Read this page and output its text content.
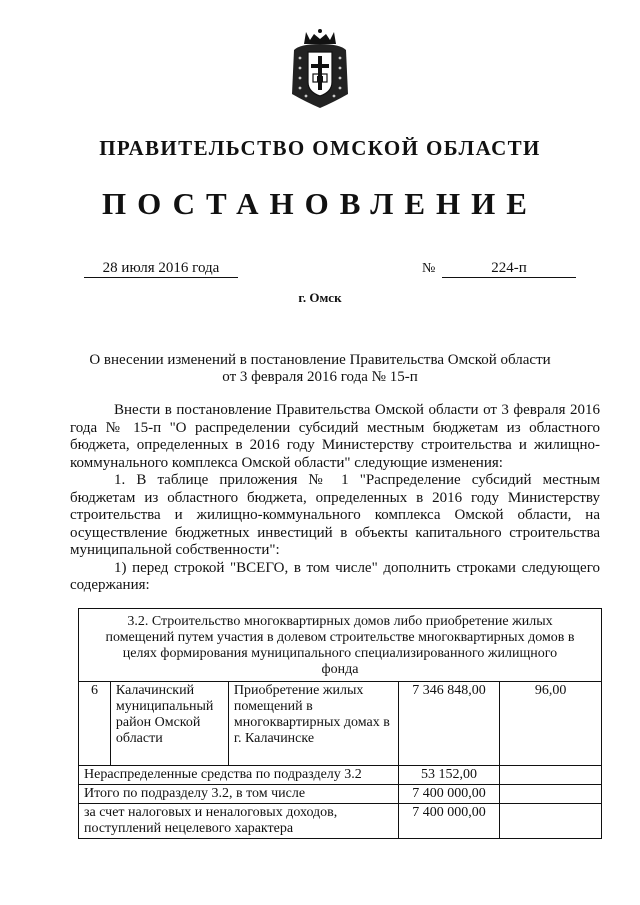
ПРАВИТЕЛЬСТВО ОМСКОЙ ОБЛАСТИ
ПОСТАНОВЛЕНИЕ
28 июля 2016 года	№	224-п
г. Омск
О внесении изменений в постановление Правительства Омской области
от 3 февраля 2016 года № 15-п

Внести в постановление Правительства Омской области от 3 февраля 2016 года № 15-п "О распределении субсидий местным бюджетам из областного бюджета, определенных в 2016 году Министерству строительства и жилищно-коммунального комплекса Омской области" следующие изменения:

1. В таблице приложения № 1 "Распределение субсидий местным бюджетам из областного бюджета, определенных в 2016 году Министерству строительства и жилищно-коммунального комплекса Омской области, на осуществление бюджетных инвестиций в объекты капитального строительства муниципальной собственности":

1) перед строкой "ВСЕГО, в том числе" дополнить строками следующего содержания:

3.2. Строительство многоквартирных домов либо приобретение жилых помещений путем участия в долевом строительстве многоквартирных домов в целях формирования муниципального специализированного жилищного фонда				
6	Калачинский муниципальный район Омской области	Приобретение жилых помещений в многоквартирных домах в г. Калачинске	7 346 848,00	96,00
Нераспределенные средства по подразделу 3.2			53 152,00	
Итого по подразделу 3.2, в том числе			7 400 000,00	
за счет налоговых и неналоговых доходов, поступлений нецелевого характера			7 400 000,00	
